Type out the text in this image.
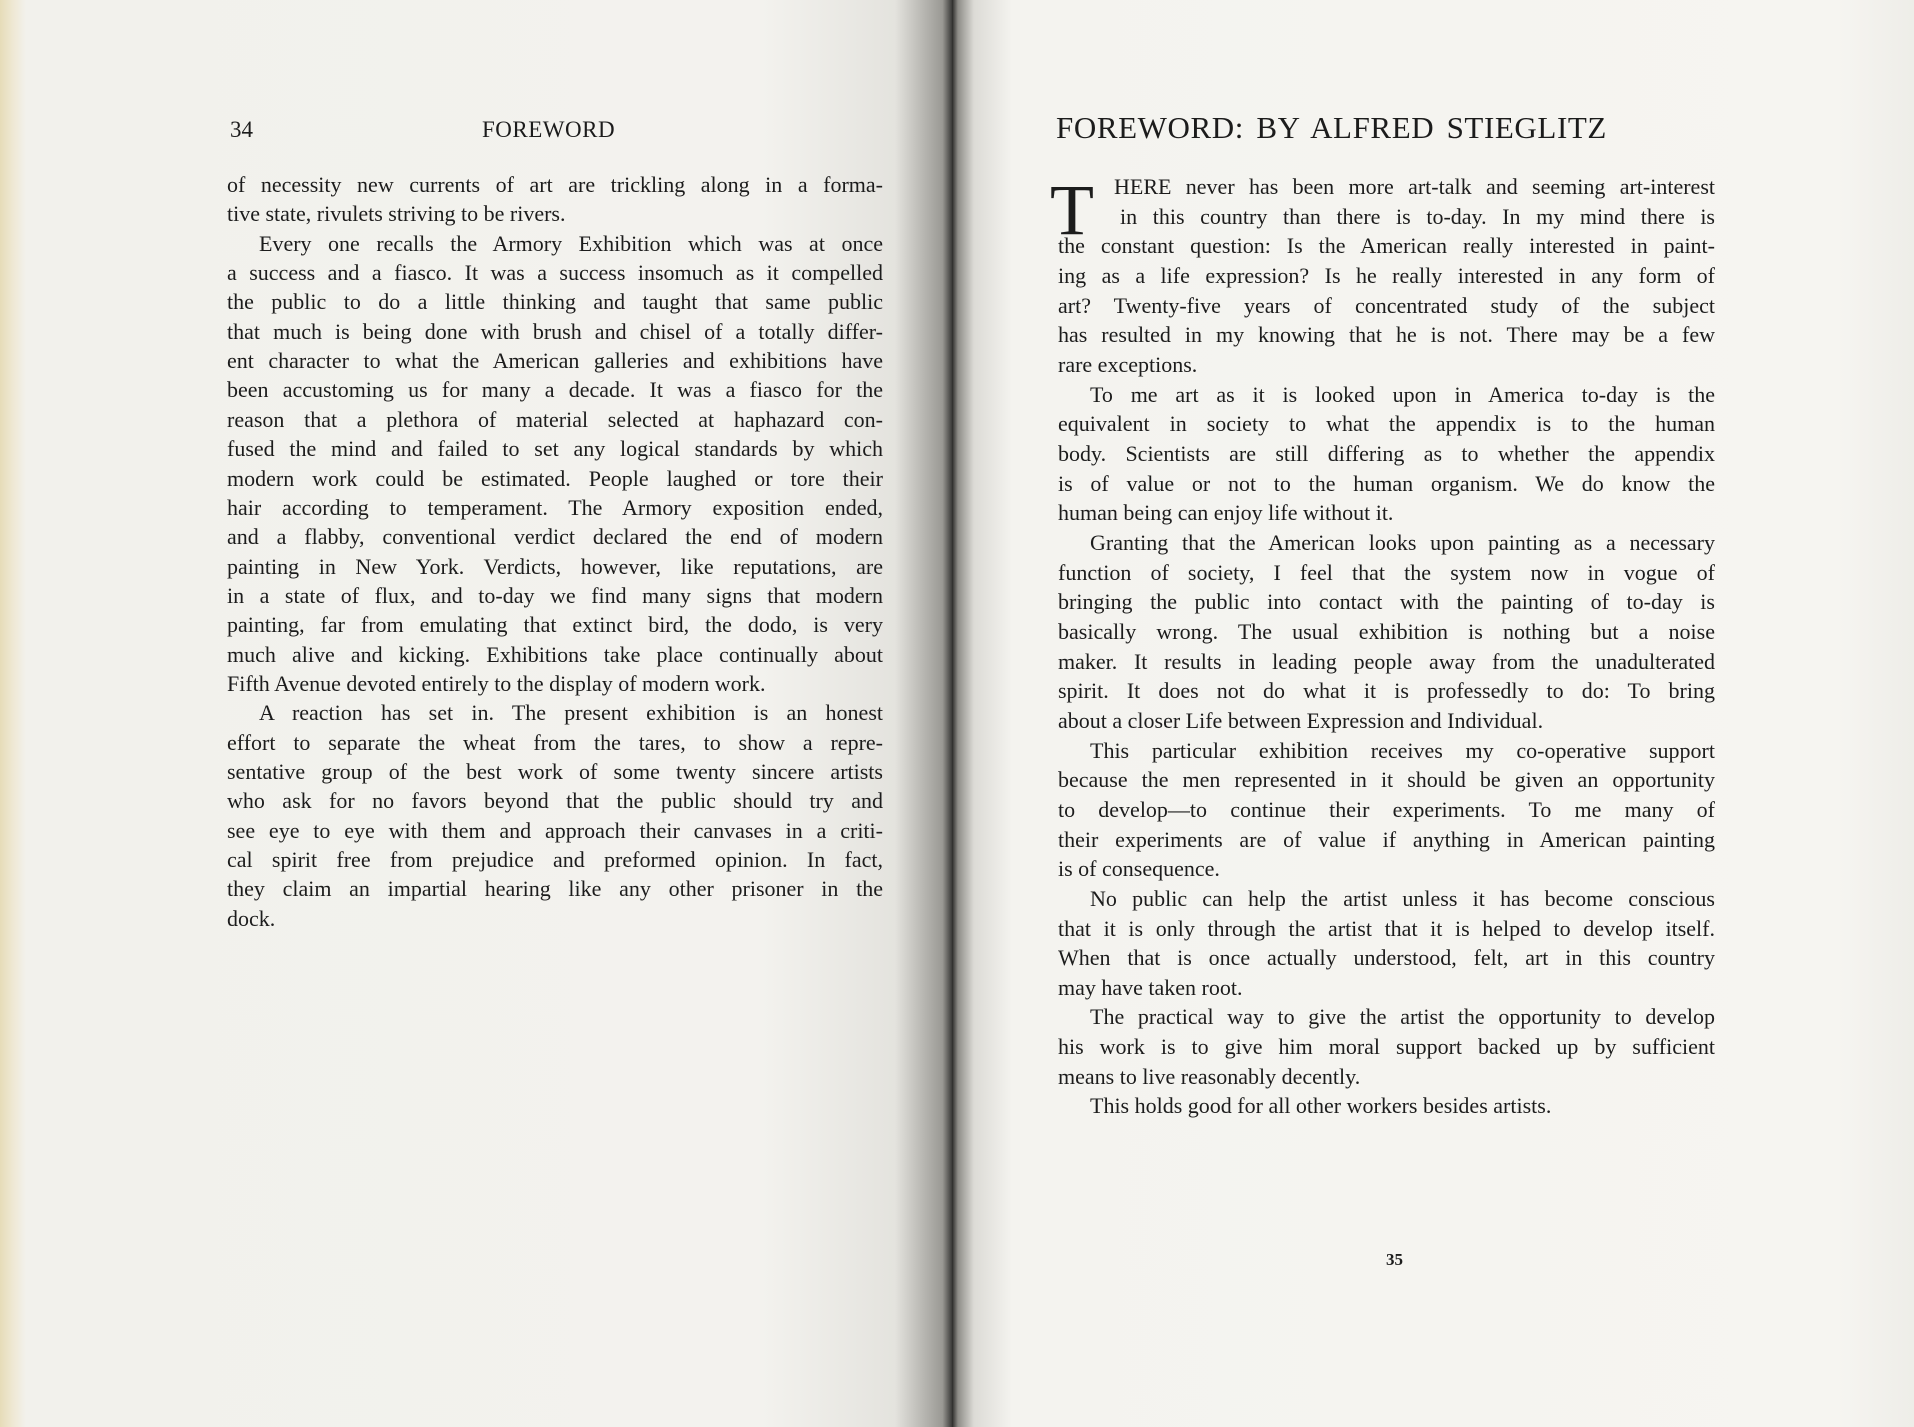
34	FOREWORD
of necessity new currents of art are trickling along in a forma-
tive state, rivulets striving to be rivers.
Every one recalls the Armory Exhibition which was at once
a success and a fiasco. It was a success insomuch as it compelled
the public to do a little thinking and taught that same public
that much is being done with brush and chisel of a totally differ-
ent character to what the American galleries and exhibitions have
been accustoming us for many a decade. It was a fiasco for the
reason that a plethora of material selected at haphazard con-
fused the mind and failed to set any logical standards by which
modern work could be estimated. People laughed or tore their
hair according to temperament. The Armory exposition ended,
and a flabby, conventional verdict declared the end of modern
painting in New York. Verdicts, however, like reputations, are
in a state of flux, and to-day we find many signs that modern
painting, far from emulating that extinct bird, the dodo, is very
much alive and kicking. Exhibitions take place continually about
Fifth Avenue devoted entirely to the display of modern work.
A reaction has set in. The present exhibition is an honest
effort to separate the wheat from the tares, to show a repre-
sentative group of the best work of some twenty sincere artists
who ask for no favors beyond that the public should try and
see eye to eye with them and approach their canvases in a criti-
cal spirit free from prejudice and preformed opinion. In fact,
they claim an impartial hearing like any other prisoner in the
dock.
FOREWORD: BY ALFRED STIEGLITZ
T HERE never has been more art-talk and seeming art-interest
in this country than there is to-day. In my mind there is
the constant question: Is the American really interested in paint-
ing as a life expression? Is he really interested in any form of
art? Twenty-five years of concentrated study of the subject
has resulted in my knowing that he is not. There may be a few
rare exceptions.
To me art as it is looked upon in America to-day is the
equivalent in society to what the appendix is to the human
body. Scientists are still differing as to whether the appendix
is of value or not to the human organism. We do know the
human being can enjoy life without it.
Granting that the American looks upon painting as a necessary
function of society, I feel that the system now in vogue of
bringing the public into contact with the painting of to-day is
basically wrong. The usual exhibition is nothing but a noise
maker. It results in leading people away from the unadulterated
spirit. It does not do what it is professedly to do: To bring
about a closer Life between Expression and Individual.
This particular exhibition receives my co-operative support
because the men represented in it should be given an opportunity
to develop—to continue their experiments. To me many of
their experiments are of value if anything in American painting
is of consequence.
No public can help the artist unless it has become conscious
that it is only through the artist that it is helped to develop itself.
When that is once actually understood, felt, art in this country
may have taken root.
The practical way to give the artist the opportunity to develop
his work is to give him moral support backed up by sufficient
means to live reasonably decently.
This holds good for all other workers besides artists.
35
